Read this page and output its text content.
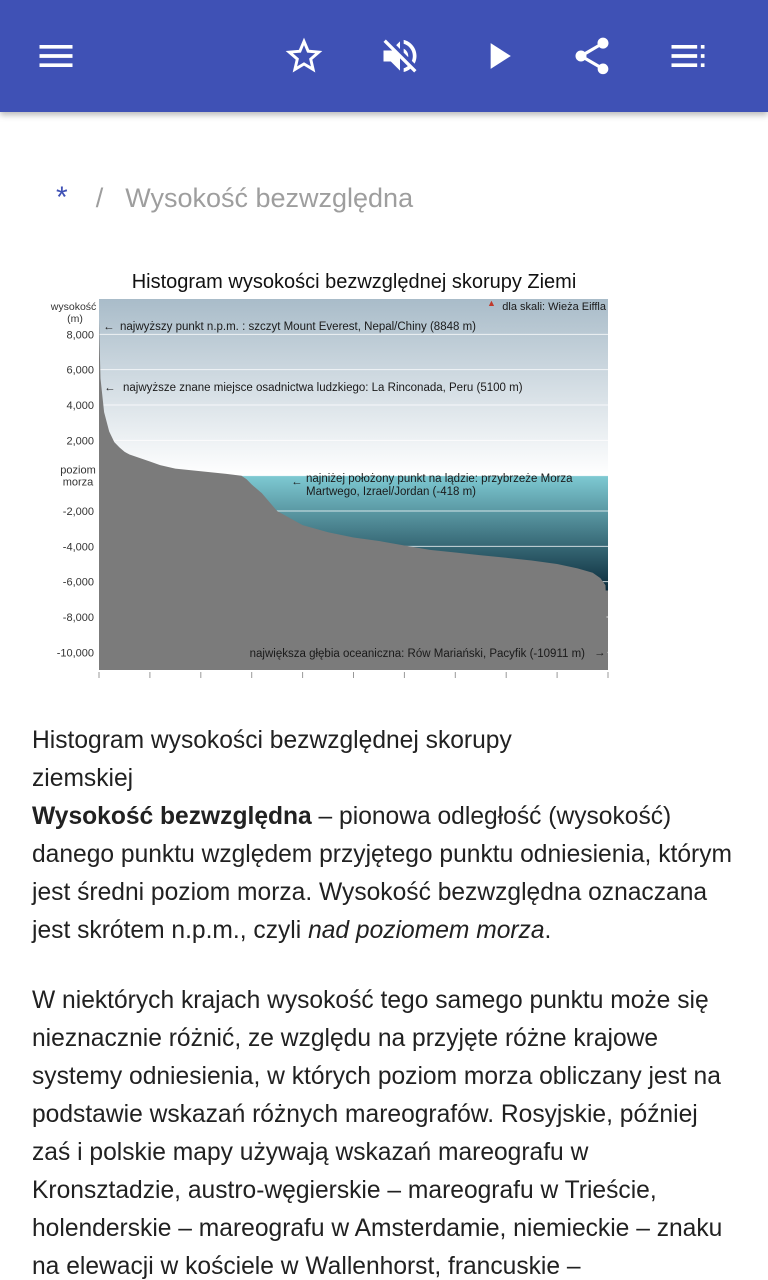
* / Wysokość bezwzględna
Histogram wysokości bezwzględnej skorupy Ziemi
8,000
6,000
4,000
2,000
poziom morza
-2,000
-4,000
-6,000
-8,000
-10,000
wysokość (m)
▲ dla skali: Wieża Eiffla
← najwyższy punkt n.p.m. : szczyt Mount Everest, Nepal/Chiny (8848 m)
← najwyższe znane miejsce osadnictwa ludzkiego: La Rinconada, Peru (5100 m)
← najniżej położony punkt na lądzie: przybrzeże Morza Martwego, Izrael/Jordan (-418 m)
największa głębia oceaniczna: Rów Mariański, Pacyfik (-10911 m) →

Histogram wysokości bezwzględnej skorupy
ziemskiej

Wysokość bezwzględna – pionowa odległość (wysokość) danego punktu względem przyjętego punktu odniesienia, którym jest średni poziom morza. Wysokość bezwzględna oznaczana jest skrótem n.p.m., czyli nad poziomem morza.

W niektórych krajach wysokość tego samego punktu może się nieznacznie różnić, ze względu na przyjęte różne krajowe systemy odniesienia, w których poziom morza obliczany jest na podstawie wskazań różnych mareografów. Rosyjskie, później zaś i polskie mapy używają wskazań mareografu w Kronsztadzie, austro-węgierskie – mareografu w Trieście, holenderskie – mareografu w Amsterdamie, niemieckie – znaku na elewacji w kościele w Wallenhorst, francuskie –
